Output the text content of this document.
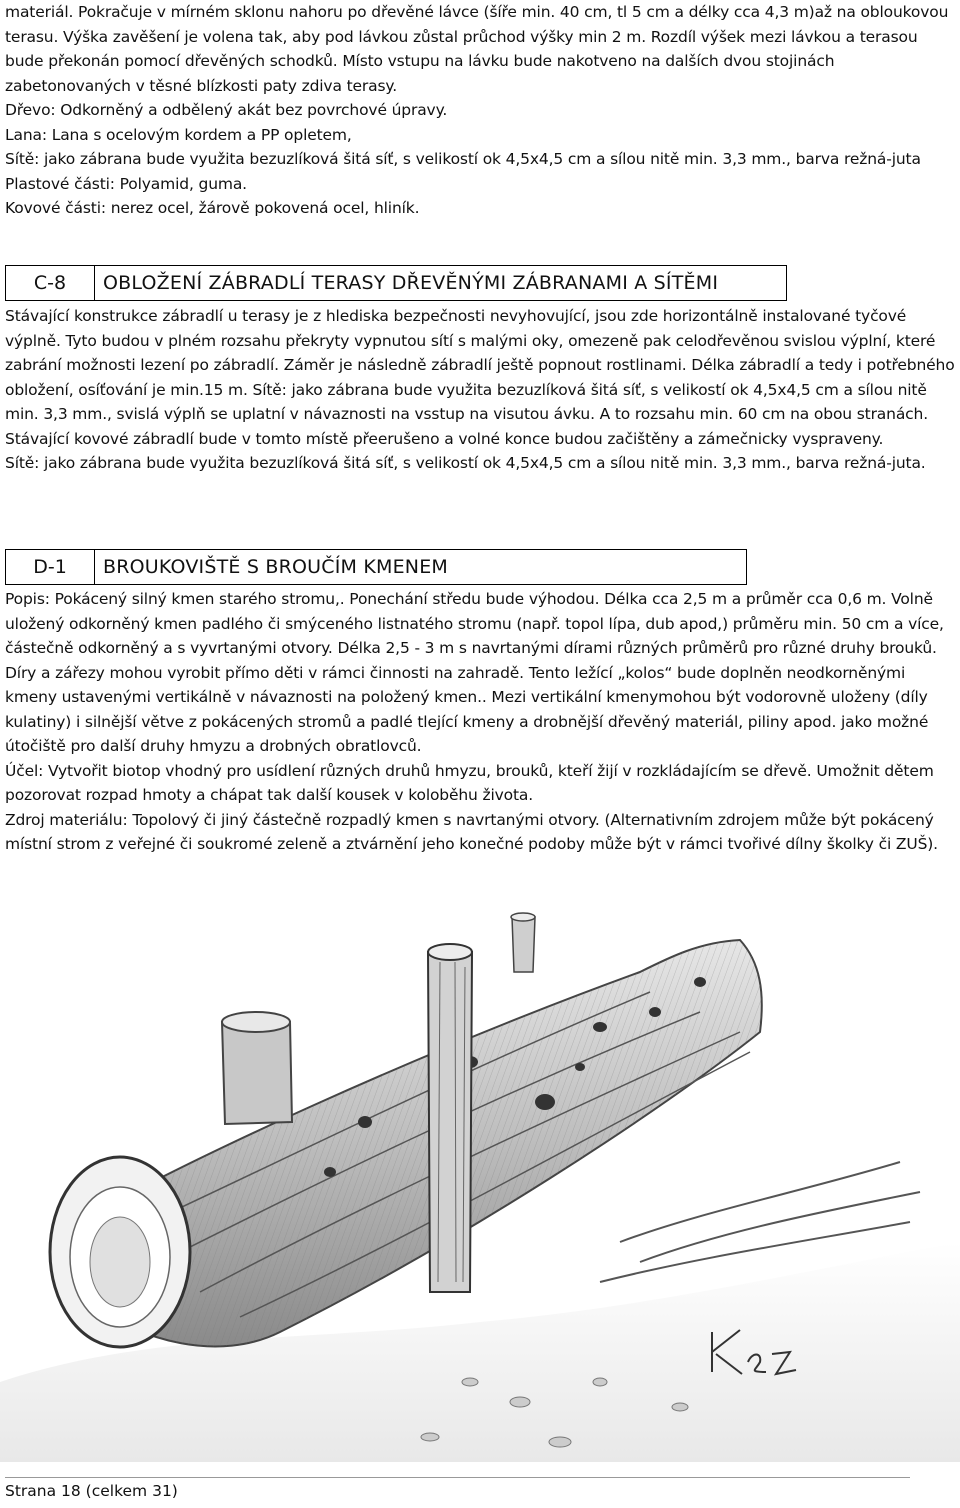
materiál. Pokračuje v mírném sklonu nahoru po dřevěné lávce (šíře min. 40 cm, tl 5 cm a délky cca 4,3 m)až na obloukovou terasu. Výška zavěšení je volena tak, aby pod lávkou zůstal průchod výšky min 2 m. Rozdíl výšek mezi lávkou a terasou bude překonán pomocí dřevěných schodků. Místo vstupu na lávku bude nakotveno na dalších dvou stojinách zabetonovaných v těsné blízkosti paty zdiva terasy.

Dřevo: Odkorněný a odbělený akát bez povrchové úpravy.

Lana: Lana s ocelovým kordem a PP opletem,

Sítě: jako zábrana bude využita bezuzlíková šitá síť, s velikostí ok 4,5x4,5 cm a sílou nitě min. 3,3 mm., barva režná-juta

Plastové části: Polyamid, guma.

Kovové části: nerez ocel, žárově pokovená ocel, hliník.

C-8	OBLOŽENÍ ZÁBRADLÍ TERASY DŘEVĚNÝMI ZÁBRANAMI A SÍTĚMI

Stávající konstrukce zábradlí u terasy je z hlediska bezpečnosti nevyhovující, jsou zde horizontálně instalované tyčové výplně. Tyto budou v plném rozsahu překryty vypnutou sítí s malými oky, omezeně pak celodřevěnou svislou výplní, které zabrání možnosti lezení po zábradlí. Záměr je následně zábradlí ještě popnout rostlinami. Délka zábradlí a tedy i potřebného obložení, osíťování je min.15 m. Sítě: jako zábrana bude využita bezuzlíková šitá síť, s velikostí ok 4,5x4,5 cm a sílou nitě min. 3,3 mm., svislá výplň se uplatní v návaznosti na vsstup na visutou ávku. A to rozsahu min. 60 cm na obou stranách. Stávající kovové zábradlí bude v tomto místě přeerušeno a volné konce budou začištěny a zámečnicky vyspraveny.

Sítě: jako zábrana bude využita bezuzlíková šitá síť, s velikostí ok 4,5x4,5 cm a sílou nitě min. 3,3 mm., barva režná-juta.

D-1	BROUKOVIŠTĚ S BROUČÍM KMENEM

Popis: Pokácený silný kmen starého stromu,. Ponechání středu bude výhodou. Délka cca 2,5 m a průměr cca 0,6 m. Volně uložený odkorněný kmen padlého či smýceného listnatého stromu (např. topol lípa, dub apod,) průměru min. 50 cm a více, částečně odkorněný a s vyvrtanými otvory. Délka 2,5 - 3 m s navrtanými dírami různých průměrů pro různé druhy brouků. Díry a zářezy mohou vyrobit přímo děti v rámci činnosti na zahradě. Tento ležící „kolos“ bude doplněn neodkorněnými kmeny ustavenými vertikálně v návaznosti na položený kmen.. Mezi vertikální kmenymohou být vodorovně uloženy (díly kulatiny) i silnější větve z pokácených stromů a padlé tlející kmeny a drobnější dřevěný materiál, piliny apod. jako možné útočiště pro další druhy hmyzu a drobných obratlovců.

Účel: Vytvořit biotop vhodný pro usídlení různých druhů hmyzu, brouků, kteří žijí v rozkládajícím se dřevě. Umožnit dětem pozorovat rozpad hmoty a chápat tak další kousek v koloběhu života.

Zdroj materiálu: Topolový či jiný částečně rozpadlý kmen s navrtanými otvory. (Alternativním zdrojem může být pokácený místní strom z veřejné či soukromé zeleně a ztvárnění jeho konečné podoby může být v rámci tvořivé dílny školky či ZUŠ).

Strana 18 (celkem 31)
